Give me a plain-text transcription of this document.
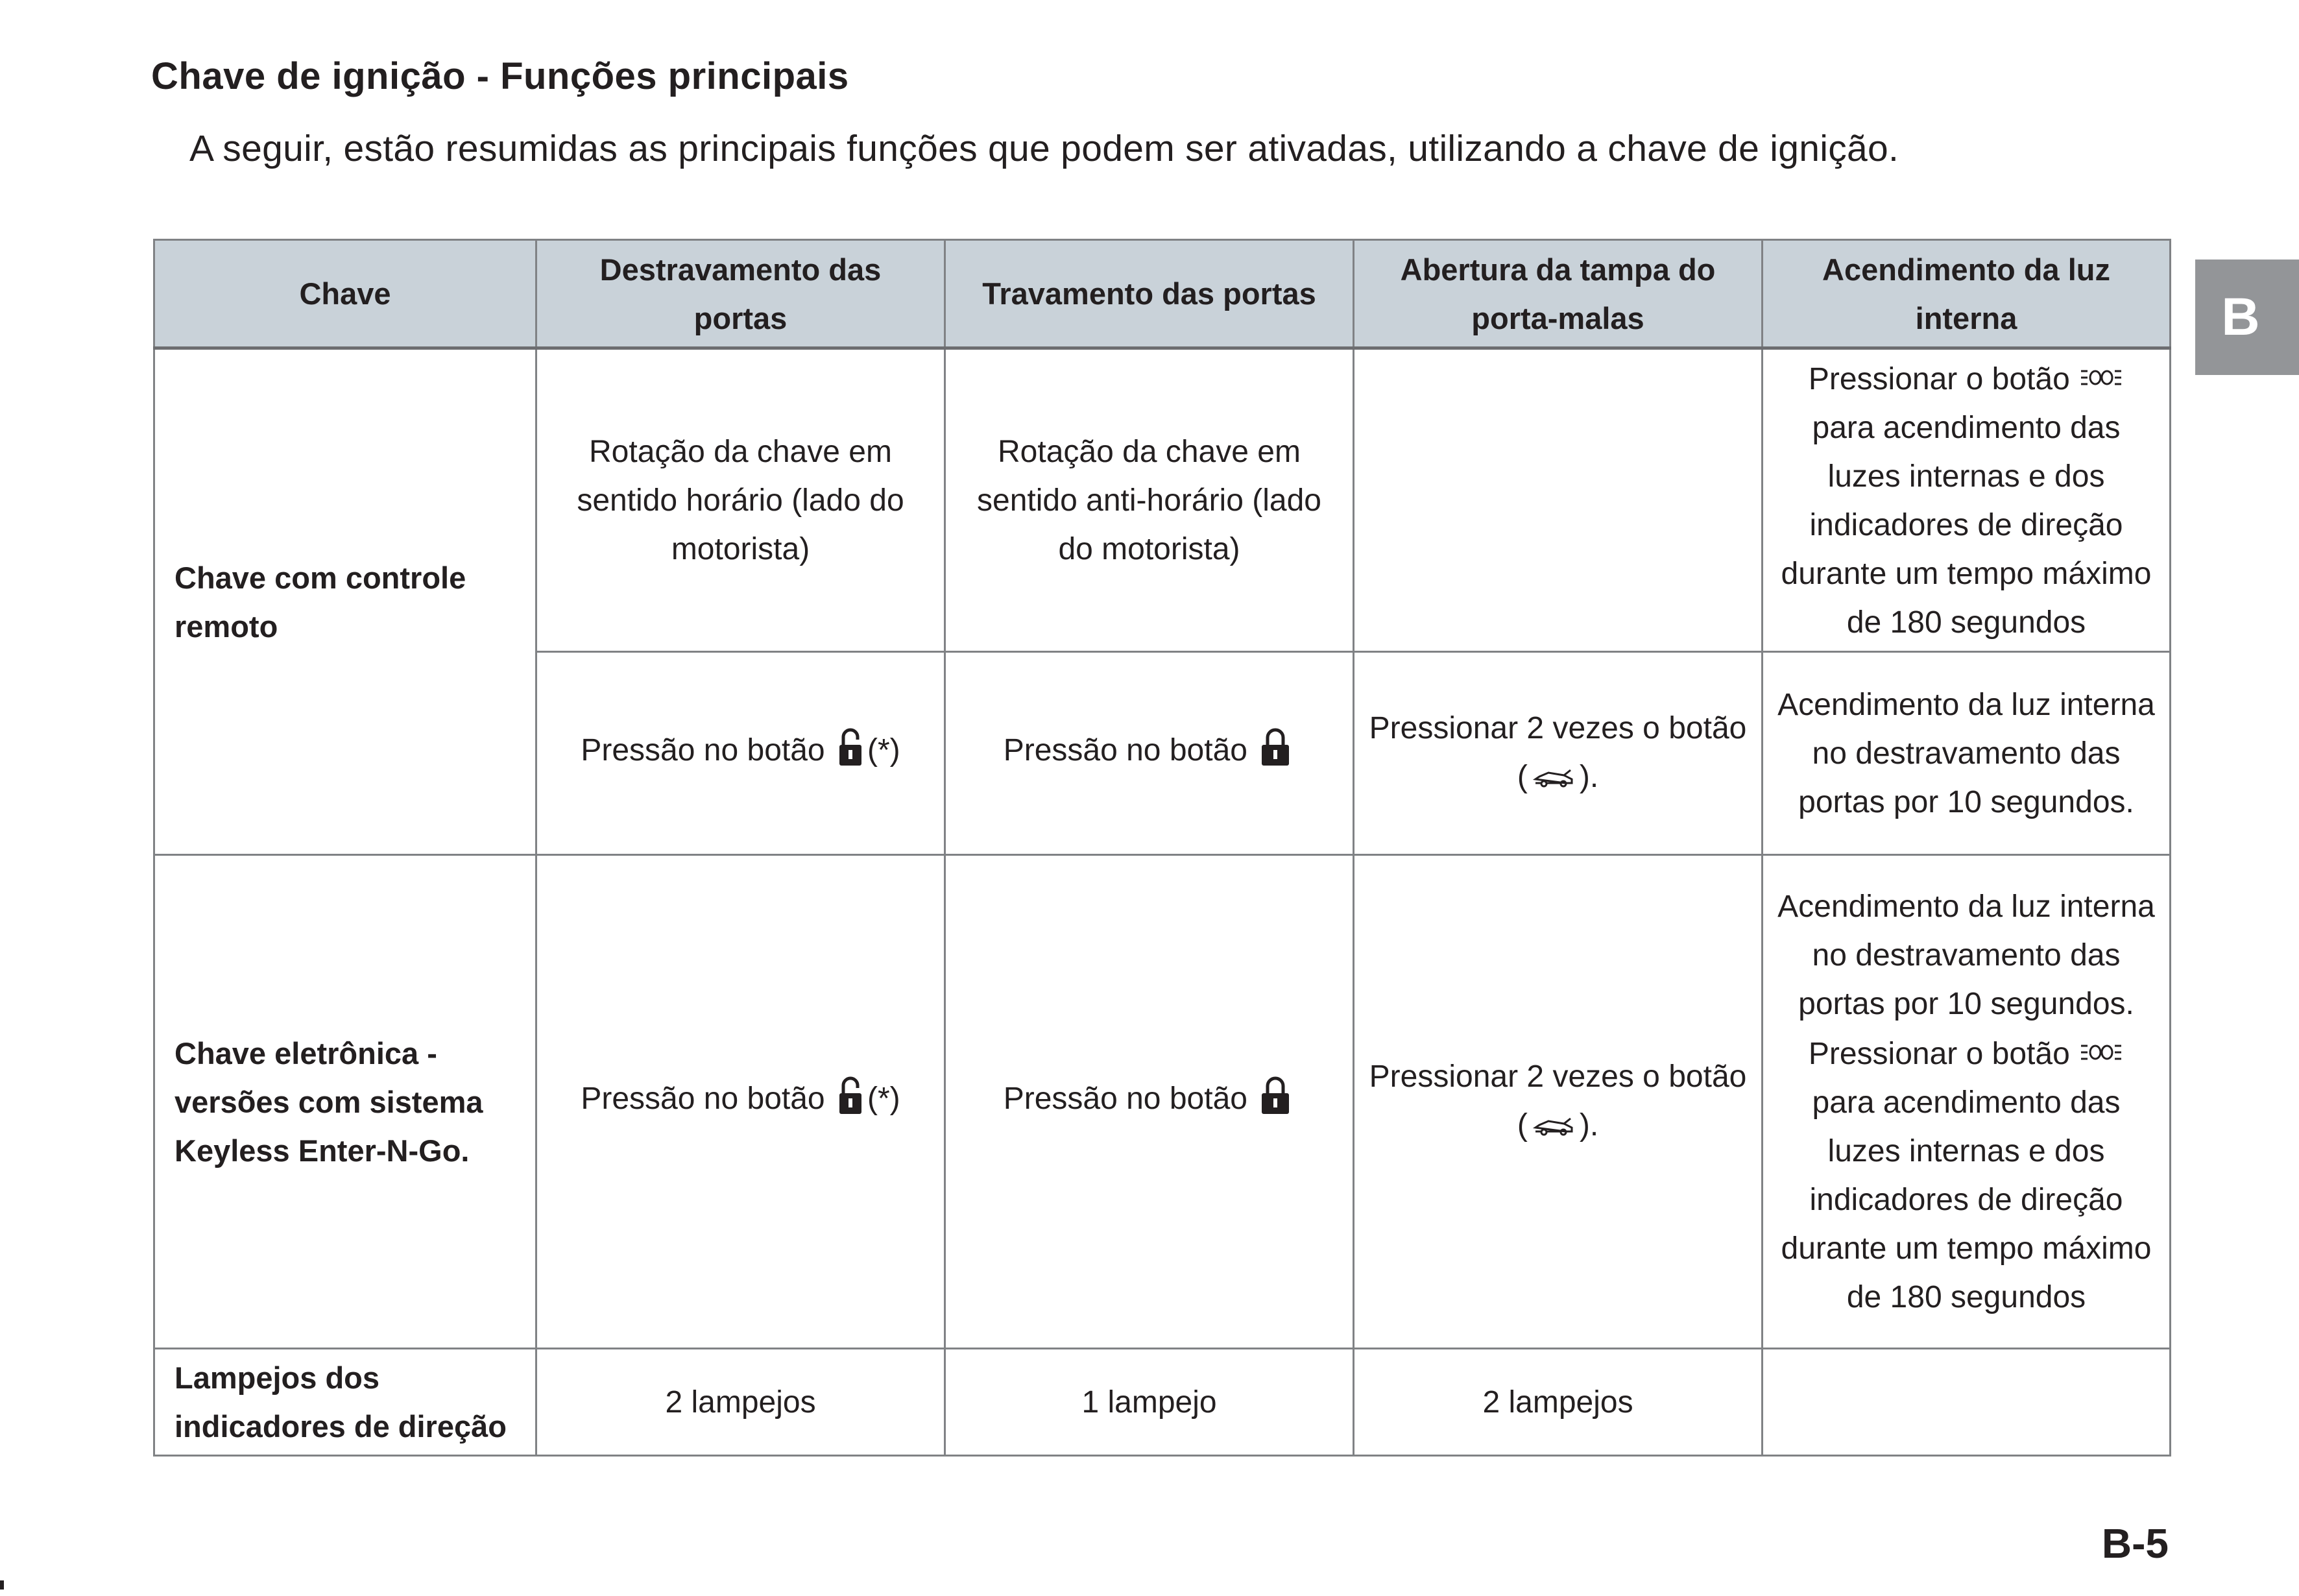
Chave de ignição - Funções principais
A seguir, estão resumidas as principais funções que podem ser ativadas, utilizando a chave de ignição.
Chave	Destravamento das portas	Travamento das portas	Abertura da tampa do porta-malas	Acendimento da luz interna
Chave com controle remoto	Rotação da chave em sentido horário (lado do motorista)	Rotação da chave em sentido anti-horário (lado do motorista)		Pressionar o botão  para acendimento das luzes internas e dos indicadores de direção durante um tempo máximo de 180 segundos
	Pressão no botão (*)	Pressão no botão	Pressionar 2 vezes o botão ( ).	Acendimento da luz interna no destravamento das portas por 10 segundos.
Chave eletrônica - versões com sistema Keyless Enter-N-Go.	Pressão no botão (*)	Pressão no botão	Pressionar 2 vezes o botão ( ).	Acendimento da luz interna no destravamento das portas por 10 segundos. Pressionar o botão  para acendimento das luzes internas e dos indicadores de direção durante um tempo máximo de 180 segundos
Lampejos dos indicadores de direção	2 lampejos	1 lampejo	2 lampejos	
B
B-5
